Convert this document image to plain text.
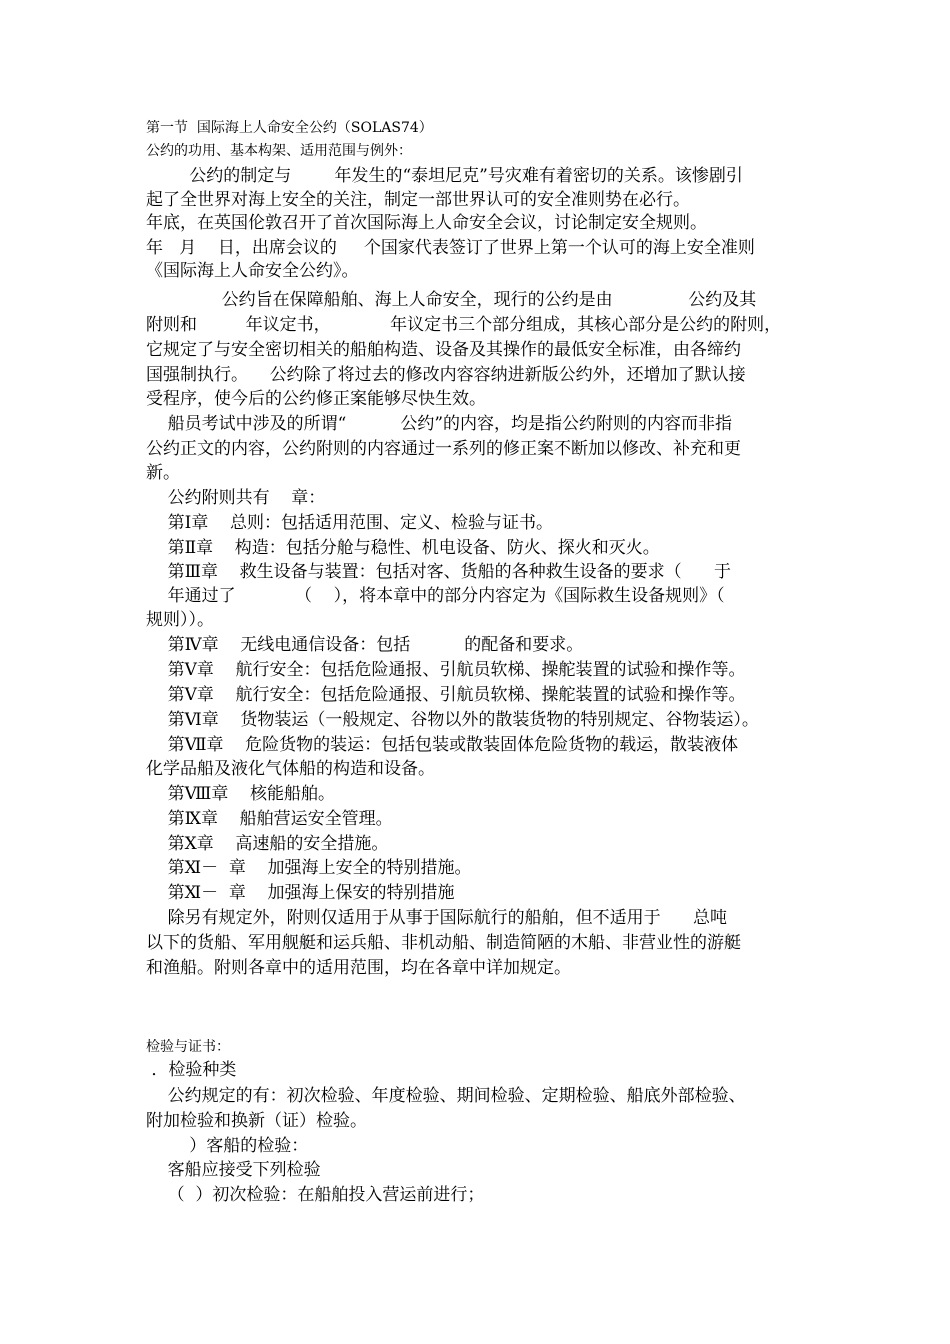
第一节  国际海上人命安全公约（SOLAS74）
公约的功用、基本构架、适用范围与例外：
公约的制定与        年发生的“泰坦尼克”号灾难有着密切的关系。该惨剧引
起了全世界对海上安全的关注，制定一部世界认可的安全准则势在必行。
年底，在英国伦敦召开了首次国际海上人命安全会议，讨论制定安全规则。
年   月    日，出席会议的     个国家代表签订了世界上第一个认可的海上安全准则
《国际海上人命安全公约》。
公约旨在保障船舶、海上人命安全，现行的公约是由              公约及其
附则和         年议定书，           年议定书三个部分组成，其核心部分是公约的附则，
它规定了与安全密切相关的船舶构造、设备及其操作的最低安全标准，由各缔约
国强制执行。    公约除了将过去的修改内容容纳进新版公约外，还增加了默认接
受程序，使今后的公约修正案能够尽快生效。
船员考试中涉及的所谓“          公约”的内容，均是指公约附则的内容而非指
公约正文的内容，公约附则的内容通过一系列的修正案不断加以修改、补充和更
新。
公约附则共有    章：
第Ⅰ章    总则：包括适用范围、定义、检验与证书。
第Ⅱ章    构造：包括分舱与稳性、机电设备、防火、探火和灭火。
第Ⅲ章    救生设备与装置：包括对客、货船的各种救生设备的要求（      于
年通过了           （    ），将本章中的部分内容定为《国际救生设备规则》（
规则））。
第Ⅳ章    无线电通信设备：包括          的配备和要求。
第Ⅴ章    航行安全：包括危险通报、引航员软梯、操舵装置的试验和操作等。
第Ⅴ章    航行安全：包括危险通报、引航员软梯、操舵装置的试验和操作等。
第Ⅵ章    货物装运（一般规定、谷物以外的散装货物的特别规定、谷物装运）。
第Ⅶ章    危险货物的装运：包括包装或散装固体危险货物的载运，散装液体
化学品船及液化气体船的构造和设备。
第Ⅷ章    核能船舶。
第Ⅸ章    船舶营运安全管理。
第Ⅹ章    高速船的安全措施。
第Ⅺ－  章    加强海上安全的特别措施。
第Ⅺ－  章    加强海上保安的特别措施
除另有规定外，附则仅适用于从事于国际航行的船舶，但不适用于      总吨
以下的货船、军用舰艇和运兵船、非机动船、制造简陋的木船、非营业性的游艇
和渔船。附则各章中的适用范围，均在各章中详加规定。
检验与证书：
．检验种类
公约规定的有：初次检验、年度检验、期间检验、定期检验、船底外部检验、
附加检验和换新（证）检验。
）客船的检验：
客船应接受下列检验
（  ）初次检验：在船舶投入营运前进行；
